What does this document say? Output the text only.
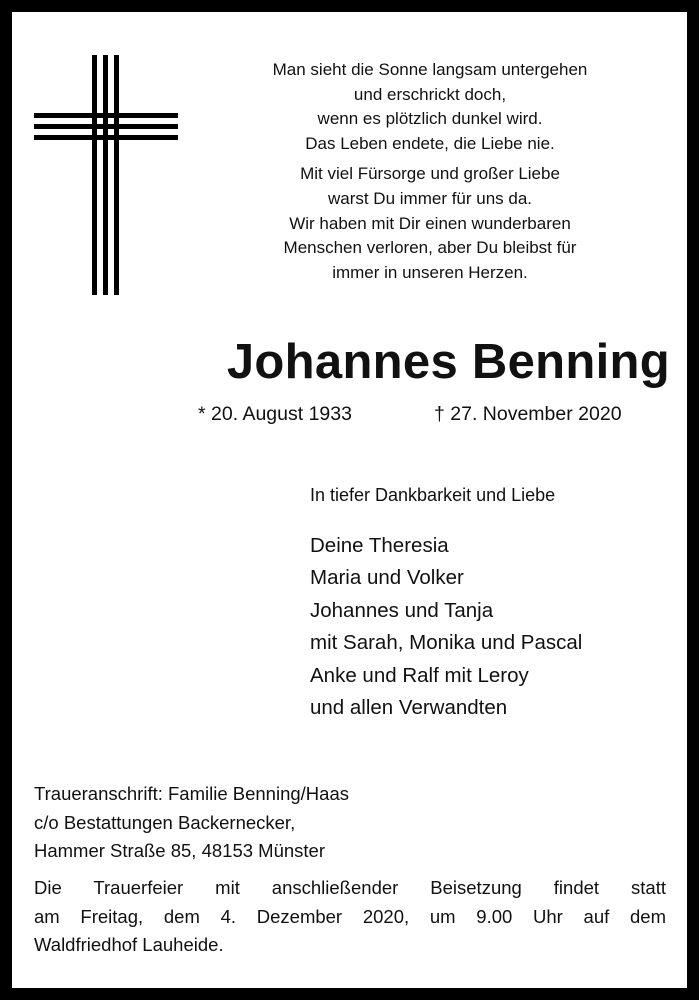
Man sieht die Sonne langsam untergehen
und erschrickt doch,
wenn es plötzlich dunkel wird.
Das Leben endete, die Liebe nie.
Mit viel Fürsorge und großer Liebe
warst Du immer für uns da.
Wir haben mit Dir einen wunderbaren
Menschen verloren, aber Du bleibst für
immer in unseren Herzen.
Johannes Benning
* 20. August 1933	† 27. November 2020
In tiefer Dankbarkeit und Liebe
Deine Theresia
Maria und Volker
Johannes und Tanja
mit Sarah, Monika und Pascal
Anke und Ralf mit Leroy
und allen Verwandten
Traueranschrift: Familie Benning/Haas
c/o Bestattungen Backernecker,
Hammer Straße 85, 48153 Münster
Die Trauerfeier mit anschließender Beisetzung findet statt
am Freitag, dem 4. Dezember 2020, um 9.00 Uhr auf dem
Waldfriedhof Lauheide.
